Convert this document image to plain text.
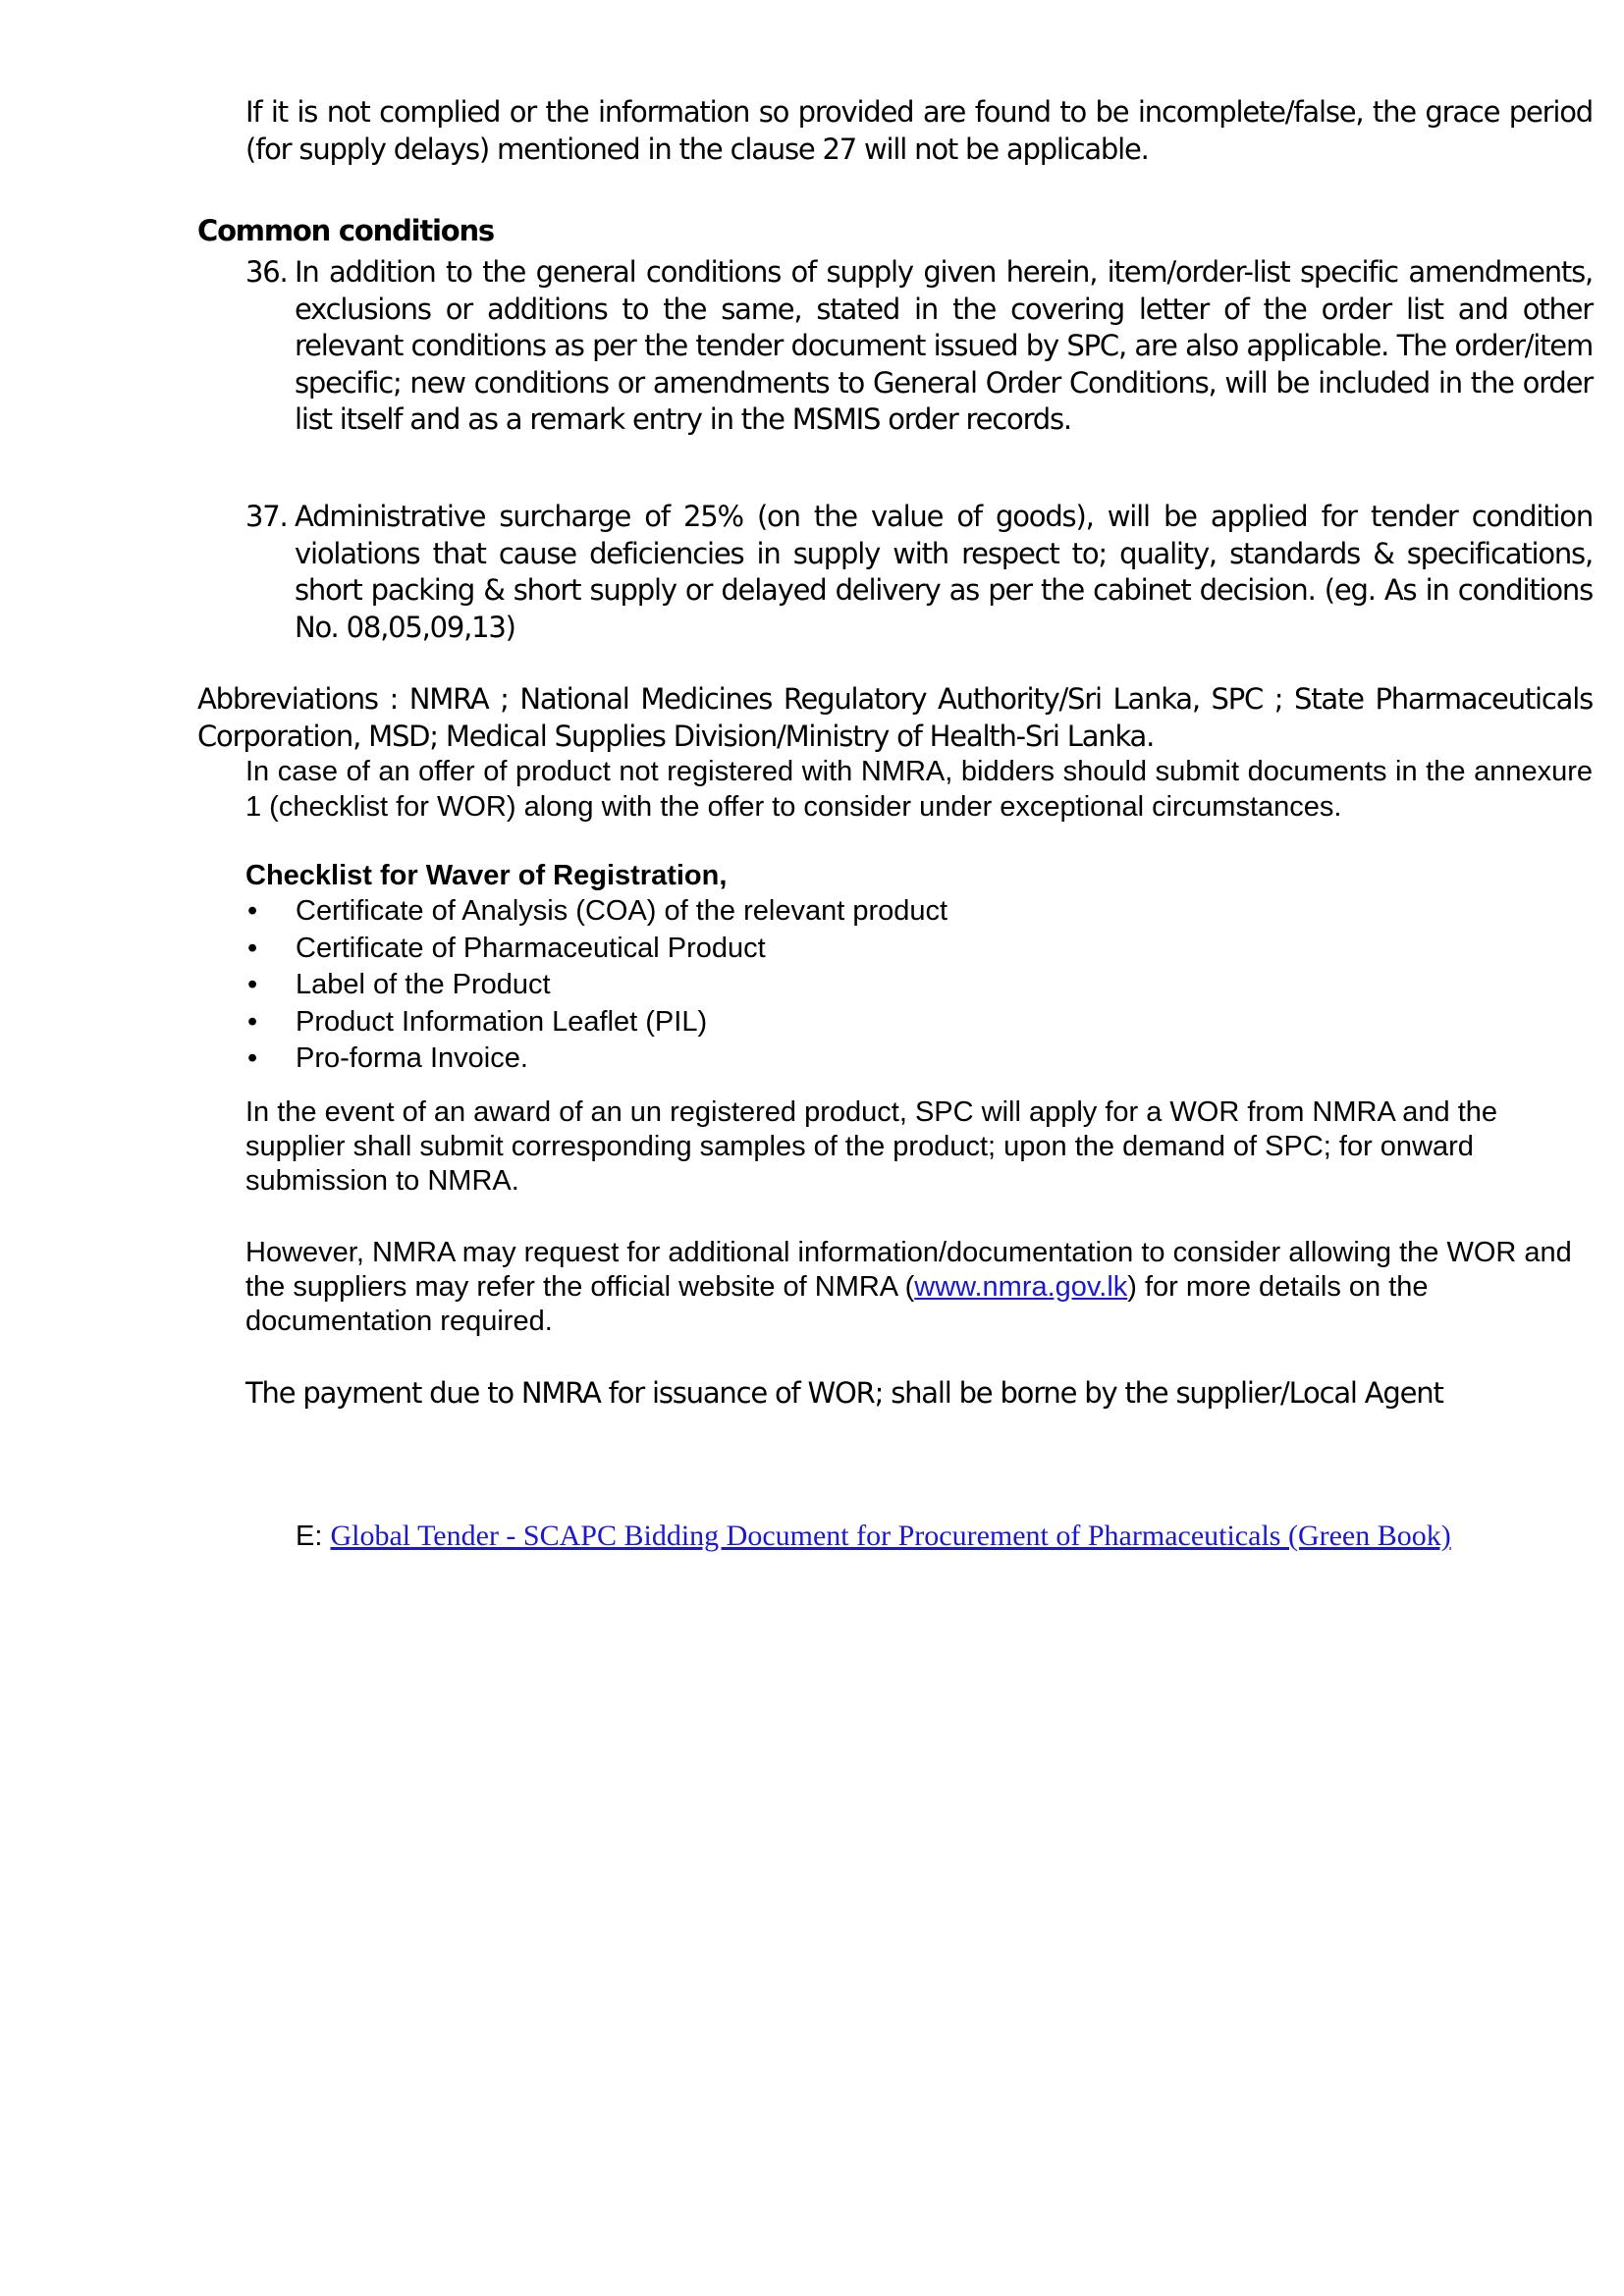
If it is not complied or the information so provided are found to be incomplete/false, the grace period (for supply delays) mentioned in the clause 27 will not be applicable.
Common conditions
36. In addition to the general conditions of supply given herein, item/order-list specific amendments, exclusions or additions to the same, stated in the covering letter of the order list and other relevant conditions as per the tender document issued by SPC, are also applicable. The order/item specific; new conditions or amendments to General Order Conditions, will be included in the order list itself and as a remark entry in the MSMIS order records.
37. Administrative surcharge of 25% (on the value of goods), will be applied for tender condition violations that cause deficiencies in supply with respect to; quality, standards & specifications, short packing & short supply or delayed delivery as per the cabinet decision. (eg. As in conditions No. 08,05,09,13)
Abbreviations : NMRA ; National Medicines Regulatory Authority/Sri Lanka, SPC ; State Pharmaceuticals Corporation, MSD; Medical Supplies Division/Ministry of Health-Sri Lanka.
In case of an offer of product not registered with NMRA, bidders should submit documents in the annexure 1 (checklist for WOR) along with the offer to consider under exceptional circumstances.
Checklist for Waver of Registration,
• Certificate of Analysis (COA) of the relevant product
• Certificate of Pharmaceutical Product
• Label of the Product
• Product Information Leaflet (PIL)
• Pro-forma Invoice.
In the event of an award of an un registered product, SPC will apply for a WOR from NMRA and the supplier shall submit corresponding samples of the product; upon the demand of SPC; for onward submission to NMRA.
However, NMRA may request for additional information/documentation to consider allowing the WOR and the suppliers may refer the official website of NMRA (www.nmra.gov.lk) for more details on the documentation required.
The payment due to NMRA for issuance of WOR; shall be borne by the supplier/Local Agent
E: Global Tender - SCAPC Bidding Document for Procurement of Pharmaceuticals (Green Book)
